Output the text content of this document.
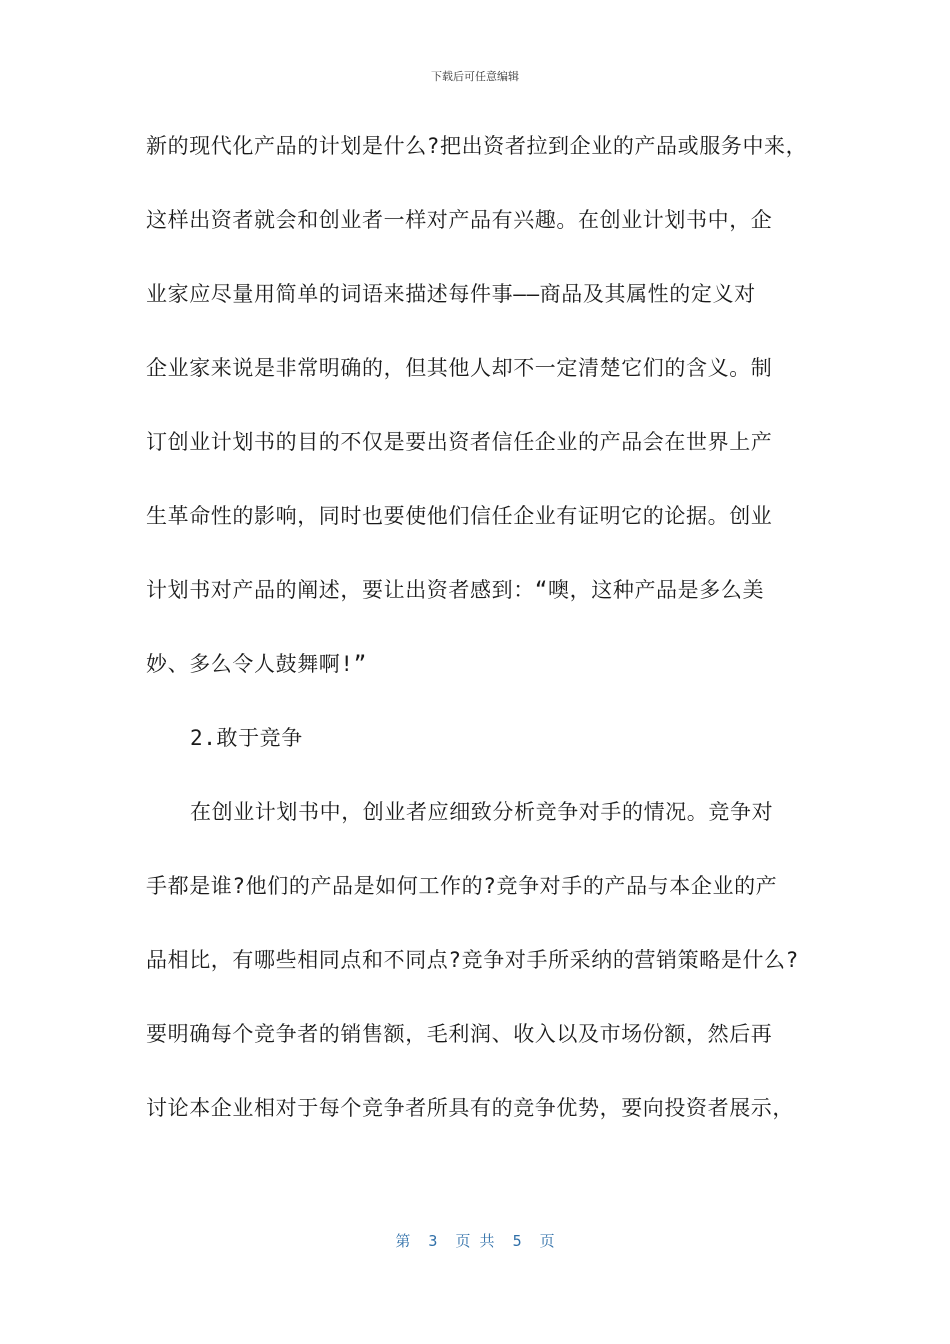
下载后可任意编辑
新的现代化产品的计划是什么?把出资者拉到企业的产品或服务中来，
这样出资者就会和创业者一样对产品有兴趣。在创业计划书中，企
业家应尽量用简单的词语来描述每件事——商品及其属性的定义对
企业家来说是非常明确的，但其他人却不一定清楚它们的含义。制
订创业计划书的目的不仅是要出资者信任企业的产品会在世界上产
生革命性的影响，同时也要使他们信任企业有证明它的论据。创业
计划书对产品的阐述，要让出资者感到：“噢，这种产品是多么美
妙、多么令人鼓舞啊!”
2.敢于竞争
在创业计划书中，创业者应细致分析竞争对手的情况。竞争对
手都是谁?他们的产品是如何工作的?竞争对手的产品与本企业的产
品相比，有哪些相同点和不同点?竞争对手所采纳的营销策略是什么?
要明确每个竞争者的销售额，毛利润、收入以及市场份额，然后再
讨论本企业相对于每个竞争者所具有的竞争优势，要向投资者展示，
第  3  页 共  5  页
